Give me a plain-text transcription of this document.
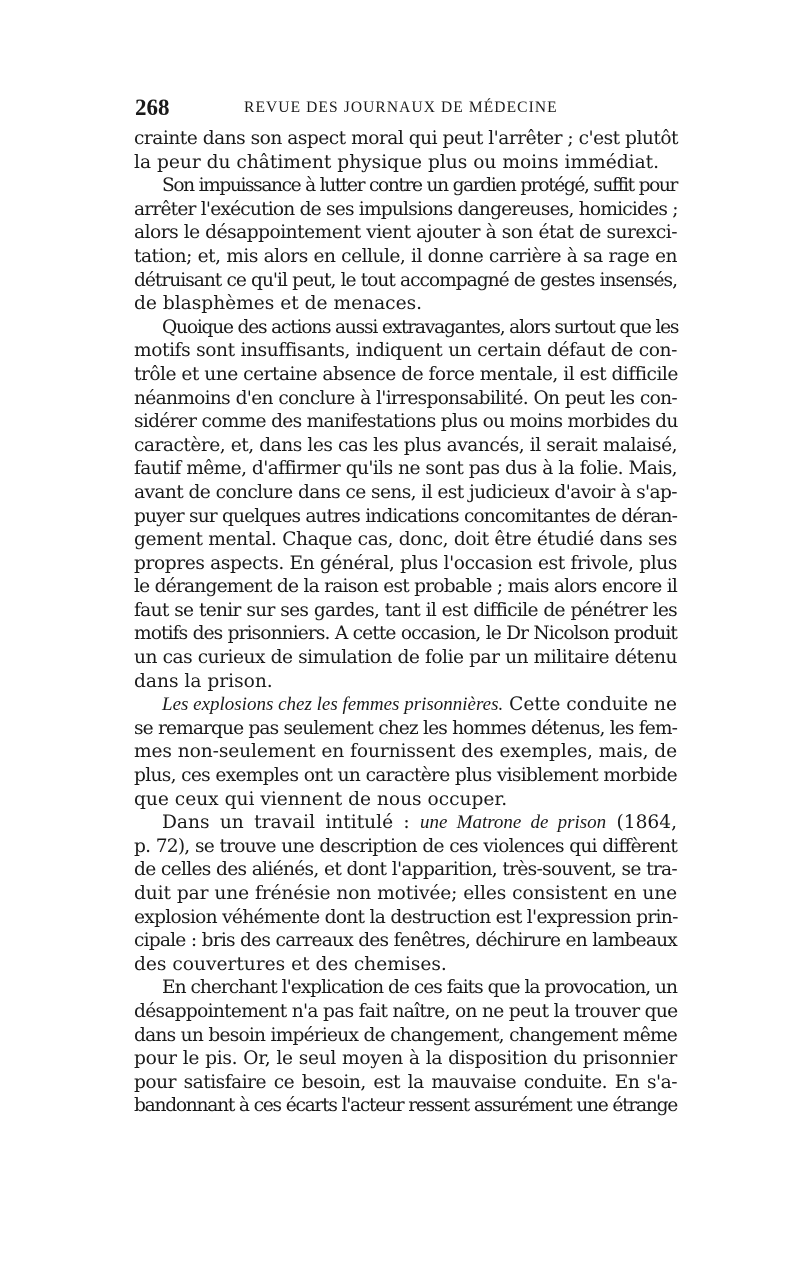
268	REVUE DES JOURNAUX DE MÉDECINE
crainte dans son aspect moral qui peut l'arrêter ; c'est plutôt
la peur du châtiment physique plus ou moins immédiat.
Son impuissance à lutter contre un gardien protégé, suffit pour
arrêter l'exécution de ses impulsions dangereuses, homicides ;
alors le désappointement vient ajouter à son état de surexci-
tation; et, mis alors en cellule, il donne carrière à sa rage en
détruisant ce qu'il peut, le tout accompagné de gestes insensés,
de blasphèmes et de menaces.
Quoique des actions aussi extravagantes, alors surtout que les
motifs sont insuffisants, indiquent un certain défaut de con-
trôle et une certaine absence de force mentale, il est difficile
néanmoins d'en conclure à l'irresponsabilité. On peut les con-
sidérer comme des manifestations plus ou moins morbides du
caractère, et, dans les cas les plus avancés, il serait malaisé,
fautif même, d'affirmer qu'ils ne sont pas dus à la folie. Mais,
avant de conclure dans ce sens, il est judicieux d'avoir à s'ap-
puyer sur quelques autres indications concomitantes de déran-
gement mental. Chaque cas, donc, doit être étudié dans ses
propres aspects. En général, plus l'occasion est frivole, plus
le dérangement de la raison est probable ; mais alors encore il
faut se tenir sur ses gardes, tant il est difficile de pénétrer les
motifs des prisonniers. A cette occasion, le Dr Nicolson produit
un cas curieux de simulation de folie par un militaire détenu
dans la prison.
Les explosions chez les femmes prisonnières. Cette conduite ne
se remarque pas seulement chez les hommes détenus, les fem-
mes non-seulement en fournissent des exemples, mais, de
plus, ces exemples ont un caractère plus visiblement morbide
que ceux qui viennent de nous occuper.
Dans un travail intitulé : une Matrone de prison (1864,
p. 72), se trouve une description de ces violences qui diffèrent
de celles des aliénés, et dont l'apparition, très-souvent, se tra-
duit par une frénésie non motivée; elles consistent en une
explosion véhémente dont la destruction est l'expression prin-
cipale : bris des carreaux des fenêtres, déchirure en lambeaux
des couvertures et des chemises.
En cherchant l'explication de ces faits que la provocation, un
désappointement n'a pas fait naître, on ne peut la trouver que
dans un besoin impérieux de changement, changement même
pour le pis. Or, le seul moyen à la disposition du prisonnier
pour satisfaire ce besoin, est la mauvaise conduite. En s'a-
bandonnant à ces écarts l'acteur ressent assurément une étrange
